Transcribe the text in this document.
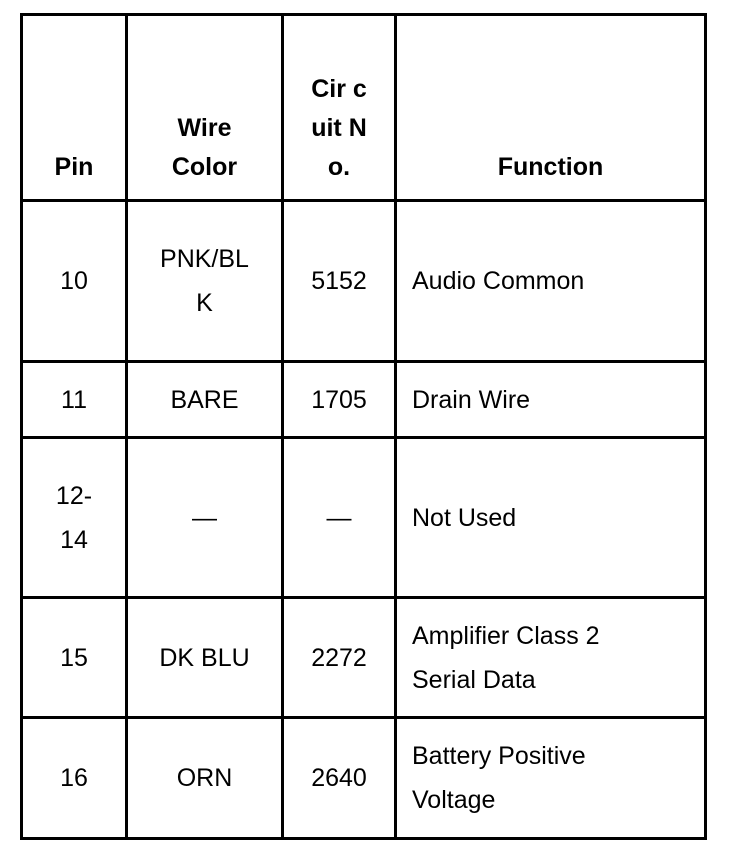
Pin	Wire Color	Cir cuit No.	Function
10	PNK/BLK	5152	Audio Common
11	BARE	1705	Drain Wire
12-14	—	—	Not Used
15	DK BLU	2272	Amplifier Class 2 Serial Data
16	ORN	2640	Battery Positive Voltage
